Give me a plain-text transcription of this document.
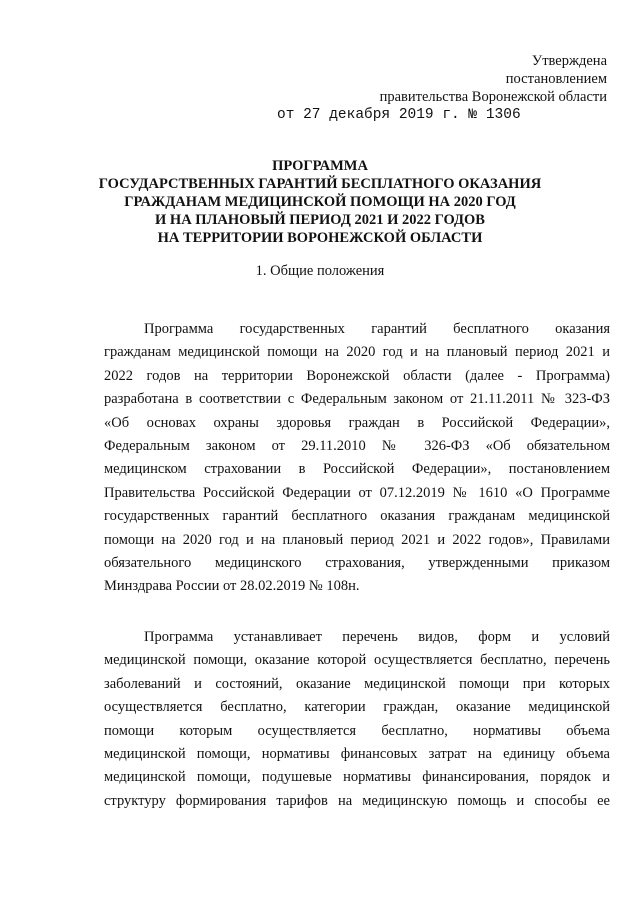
Утверждена
постановлением
правительства Воронежской области
от 27 декабря 2019 г. № 1306
ПРОГРАММА
ГОСУДАРСТВЕННЫХ ГАРАНТИЙ БЕСПЛАТНОГО ОКАЗАНИЯ
ГРАЖДАНАМ МЕДИЦИНСКОЙ ПОМОЩИ НА 2020 ГОД
И НА ПЛАНОВЫЙ ПЕРИОД 2021 И 2022 ГОДОВ
НА ТЕРРИТОРИИ ВОРОНЕЖСКОЙ ОБЛАСТИ
1. Общие положения
Программа государственных гарантий бесплатного оказания
гражданам медицинской помощи на 2020 год и на плановый период 2021 и
2022 годов на территории Воронежской области (далее - Программа)
разработана в соответствии с Федеральным законом от 21.11.2011 № 323-ФЗ
«Об основах охраны здоровья граждан в Российской Федерации»,
Федеральным законом от 29.11.2010 № 326-ФЗ «Об обязательном
медицинском страховании в Российской Федерации», постановлением
Правительства Российской Федерации от 07.12.2019 № 1610 «О Программе
государственных гарантий бесплатного оказания гражданам медицинской
помощи на 2020 год и на плановый период 2021 и 2022 годов», Правилами
обязательного медицинского страхования, утвержденными приказом
Минздрава России от 28.02.2019 № 108н.
Программа устанавливает перечень видов, форм и условий
медицинской помощи, оказание которой осуществляется бесплатно, перечень
заболеваний и состояний, оказание медицинской помощи при которых
осуществляется бесплатно, категории граждан, оказание медицинской
помощи которым осуществляется бесплатно, нормативы объема
медицинской помощи, нормативы финансовых затрат на единицу объема
медицинской помощи, подушевые нормативы финансирования, порядок и
структуру формирования тарифов на медицинскую помощь и способы ее
